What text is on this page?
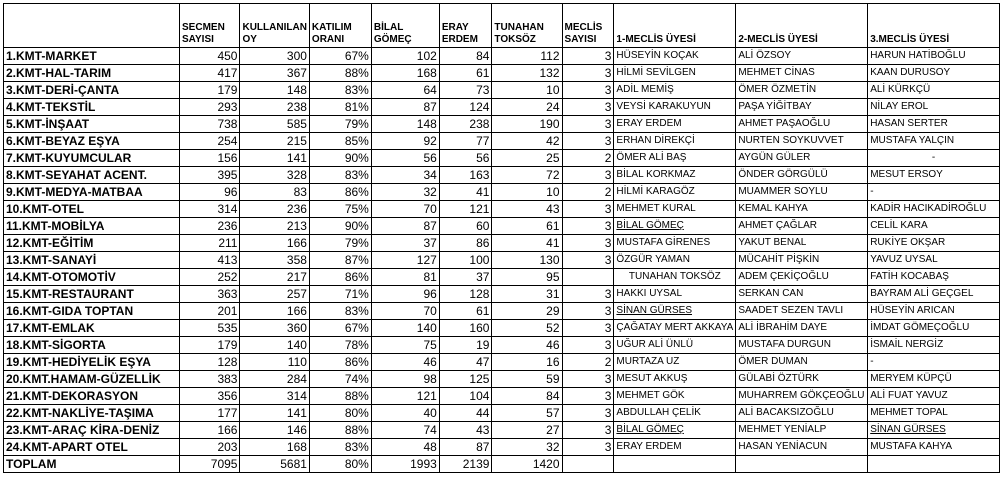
	SECMEN SAYISI	KULLANILAN OY	KATILIM ORANI	BİLAL GÖMEÇ	ERAY ERDEM	TUNAHAN TOKSÖZ	MECLİS SAYISI	1-MECLİS ÜYESİ	2-MECLİS ÜYESİ	3.MECLİS ÜYESİ
1.KMT-MARKET	450	300	67%	102	84	112	3	HÜSEYİN KOÇAK	ALİ ÖZSOY	HARUN HATİBOĞLU
2.KMT-HAL-TARIM	417	367	88%	168	61	132	3	HİLMİ SEVİLGEN	MEHMET CİNAS	KAAN DURUSOY
3.KMT-DERİ-ÇANTA	179	148	83%	64	73	10	3	ADİL MEMİŞ	ÖMER ÖZMETİN	ALİ KÜRKÇÜ
4.KMT-TEKSTİL	293	238	81%	87	124	24	3	VEYSİ KARAKUYUN	PAŞA YİĞİTBAY	NİLAY EROL
5.KMT-İNŞAAT	738	585	79%	148	238	190	3	ERAY ERDEM	AHMET PAŞAOĞLU	HASAN SERTER
6.KMT-BEYAZ EŞYA	254	215	85%	92	77	42	3	ERHAN DİREKÇİ	NURTEN SOYKUVVET	MUSTAFA YALÇIN
7.KMT-KUYUMCULAR	156	141	90%	56	56	25	2	ÖMER ALİ BAŞ	AYGÜN GÜLER	-
8.KMT-SEYAHAT ACENT.	395	328	83%	34	163	72	3	BİLAL KORKMAZ	ÖNDER GÖRGÜLÜ	MESUT ERSOY
9.KMT-MEDYA-MATBAA	96	83	86%	32	41	10	2	HİLMİ KARAGÖZ	MUAMMER SOYLU	-
10.KMT-OTEL	314	236	75%	70	121	43	3	MEHMET KURAL	KEMAL KAHYA	KADİR HACIKADİROĞLU
11.KMT-MOBİLYA	236	213	90%	87	60	61	3	BİLAL GÖMEÇ	AHMET ÇAĞLAR	CELİL KARA
12.KMT-EĞİTİM	211	166	79%	37	86	41	3	MUSTAFA GİRENES	YAKUT BENAL	RUKİYE OKŞAR
13.KMT-SANAYİ	413	358	87%	127	100	130	3	ÖZGÜR YAMAN	MÜCAHİT PİŞKİN	YAVUZ UYSAL
14.KMT-OTOMOTİV	252	217	86%	81	37	95		TUNAHAN TOKSÖZ	ADEM ÇEKİÇOĞLU	FATİH KOCABAŞ
15.KMT-RESTAURANT	363	257	71%	96	128	31	3	HAKKI UYSAL	SERKAN CAN	BAYRAM ALİ GEÇGEL
16.KMT-GIDA TOPTAN	201	166	83%	70	61	29	3	SİNAN GÜRSES	SAADET SEZEN TAVLI	HÜSEYİN ARICAN
17.KMT-EMLAK	535	360	67%	140	160	52	3	ÇAĞATAY MERT AKKAYA	ALİ İBRAHİM DAYE	İMDAT GÖMEÇOĞLU
18.KMT-SİGORTA	179	140	78%	75	19	46	3	UĞUR ALİ ÜNLÜ	MUSTAFA DURGUN	İSMAİL NERGİZ
19.KMT-HEDİYELİK EŞYA	128	110	86%	46	47	16	2	MURTAZA UZ	ÖMER DUMAN	-
20.KMT.HAMAM-GÜZELLİK	383	284	74%	98	125	59	3	MESUT AKKUŞ	GÜLABİ ÖZTÜRK	MERYEM KÜPÇÜ
21.KMT-DEKORASYON	356	314	88%	121	104	84	3	MEHMET GÖK	MUHARREM GÖKÇEOĞLU	ALİ FUAT YAVUZ
22.KMT-NAKLİYE-TAŞIMA	177	141	80%	40	44	57	3	ABDULLAH ÇELİK	ALİ BACAKSIZOĞLU	MEHMET TOPAL
23.KMT-ARAÇ KİRA-DENİZ	166	146	88%	74	43	27	3	BİLAL GÖMEÇ	MEHMET YENİALP	SİNAN GÜRSES
24.KMT-APART OTEL	203	168	83%	48	87	32	3	ERAY ERDEM	HASAN YENİACUN	MUSTAFA KAHYA
TOPLAM	7095	5681	80%	1993	2139	1420				
